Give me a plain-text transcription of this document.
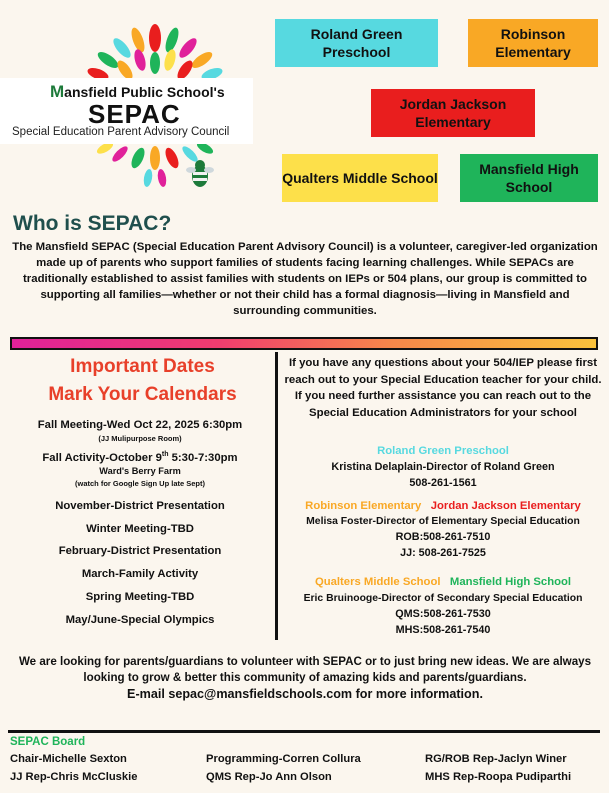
Mansfield Public School's
SEPAC
Special Education Parent Advisory Council
Roland Green Preschool
Robinson Elementary
Jordan Jackson Elementary
Qualters Middle School
Mansfield High School
Who is SEPAC?
The Mansfield SEPAC (Special Education Parent Advisory Council) is a volunteer, caregiver-led organization made up of parents who support families of students facing learning challenges. While SEPACs are traditionally established to assist families with students on IEPs or 504 plans, our group is committed to supporting all families—whether or not their child has a formal diagnosis—living in Mansfield and surrounding communities.
Important Dates
Mark Your Calendars
Fall Meeting-Wed Oct 22, 2025 6:30pm
(JJ Mulipurpose Room)
Fall Activity-October 9th 5:30-7:30pm
Ward's Berry Farm
(watch for Google Sign Up late Sept)
November-District Presentation
Winter Meeting-TBD
February-District Presentation
March-Family Activity
Spring Meeting-TBD
May/June-Special Olympics
If you have any questions about your 504/IEP please first reach out to your Special Education teacher for your child. If you need further assistance you can reach out to the Special Education Administrators for your school
Roland Green Preschool
Kristina Delaplain-Director of Roland Green
508-261-1561
Robinson Elementary Jordan Jackson Elementary
Melisa Foster-Director of Elementary Special Education
ROB:508-261-7510
JJ: 508-261-7525
Qualters Middle School Mansfield High School
Eric Bruinooge-Director of Secondary Special Education
QMS:508-261-7530
MHS:508-261-7540
We are looking for parents/guardians to volunteer with SEPAC or to just bring new ideas. We are always looking to grow & better this community of amazing kids and parents/guardians.
E-mail sepac@mansfieldschools.com for more information.
SEPAC Board
Chair-Michelle Sexton
JJ Rep-Chris McCluskie
Programming-Corren Collura
QMS Rep-Jo Ann Olson
RG/ROB Rep-Jaclyn Winer
MHS Rep-Roopa Pudiparthi
